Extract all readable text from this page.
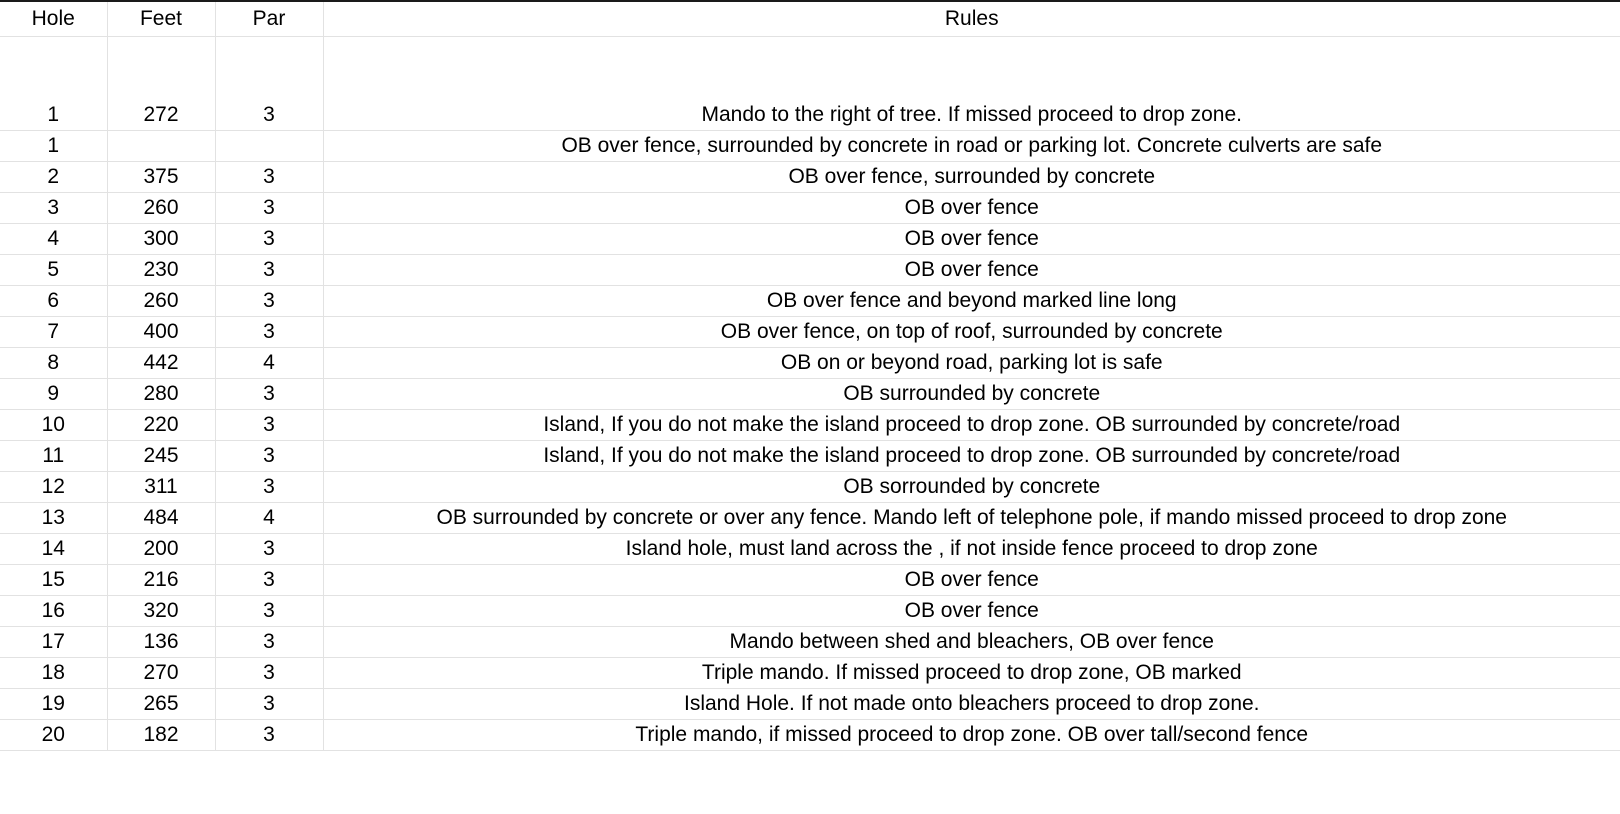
Hole	Feet	Par	Rules

1	272	3	Mando to the right of tree. If missed proceed to drop zone.
1			OB over fence, surrounded by concrete in road or parking lot. Concrete culverts are safe
2	375	3	OB over fence, surrounded by concrete
3	260	3	OB over fence
4	300	3	OB over fence
5	230	3	OB over fence
6	260	3	OB over fence and beyond marked line long
7	400	3	OB over fence, on top of roof, surrounded by concrete
8	442	4	OB on or beyond road, parking lot is safe
9	280	3	OB surrounded by concrete
10	220	3	Island, If you do not make the island proceed to drop zone. OB surrounded by concrete/road
11	245	3	Island, If you do not make the island proceed to drop zone. OB surrounded by concrete/road
12	311	3	OB sorrounded by concrete
13	484	4	OB surrounded by concrete or over any fence. Mando left of telephone pole, if mando missed proceed to drop zone
14	200	3	Island hole, must land across the , if not inside fence proceed to drop zone
15	216	3	OB over fence
16	320	3	OB over fence
17	136	3	Mando between shed and bleachers, OB over fence
18	270	3	Triple mando. If missed proceed to drop zone, OB marked
19	265	3	Island Hole. If not made onto bleachers proceed to drop zone.
20	182	3	Triple mando, if missed proceed to drop zone. OB over tall/second fence
